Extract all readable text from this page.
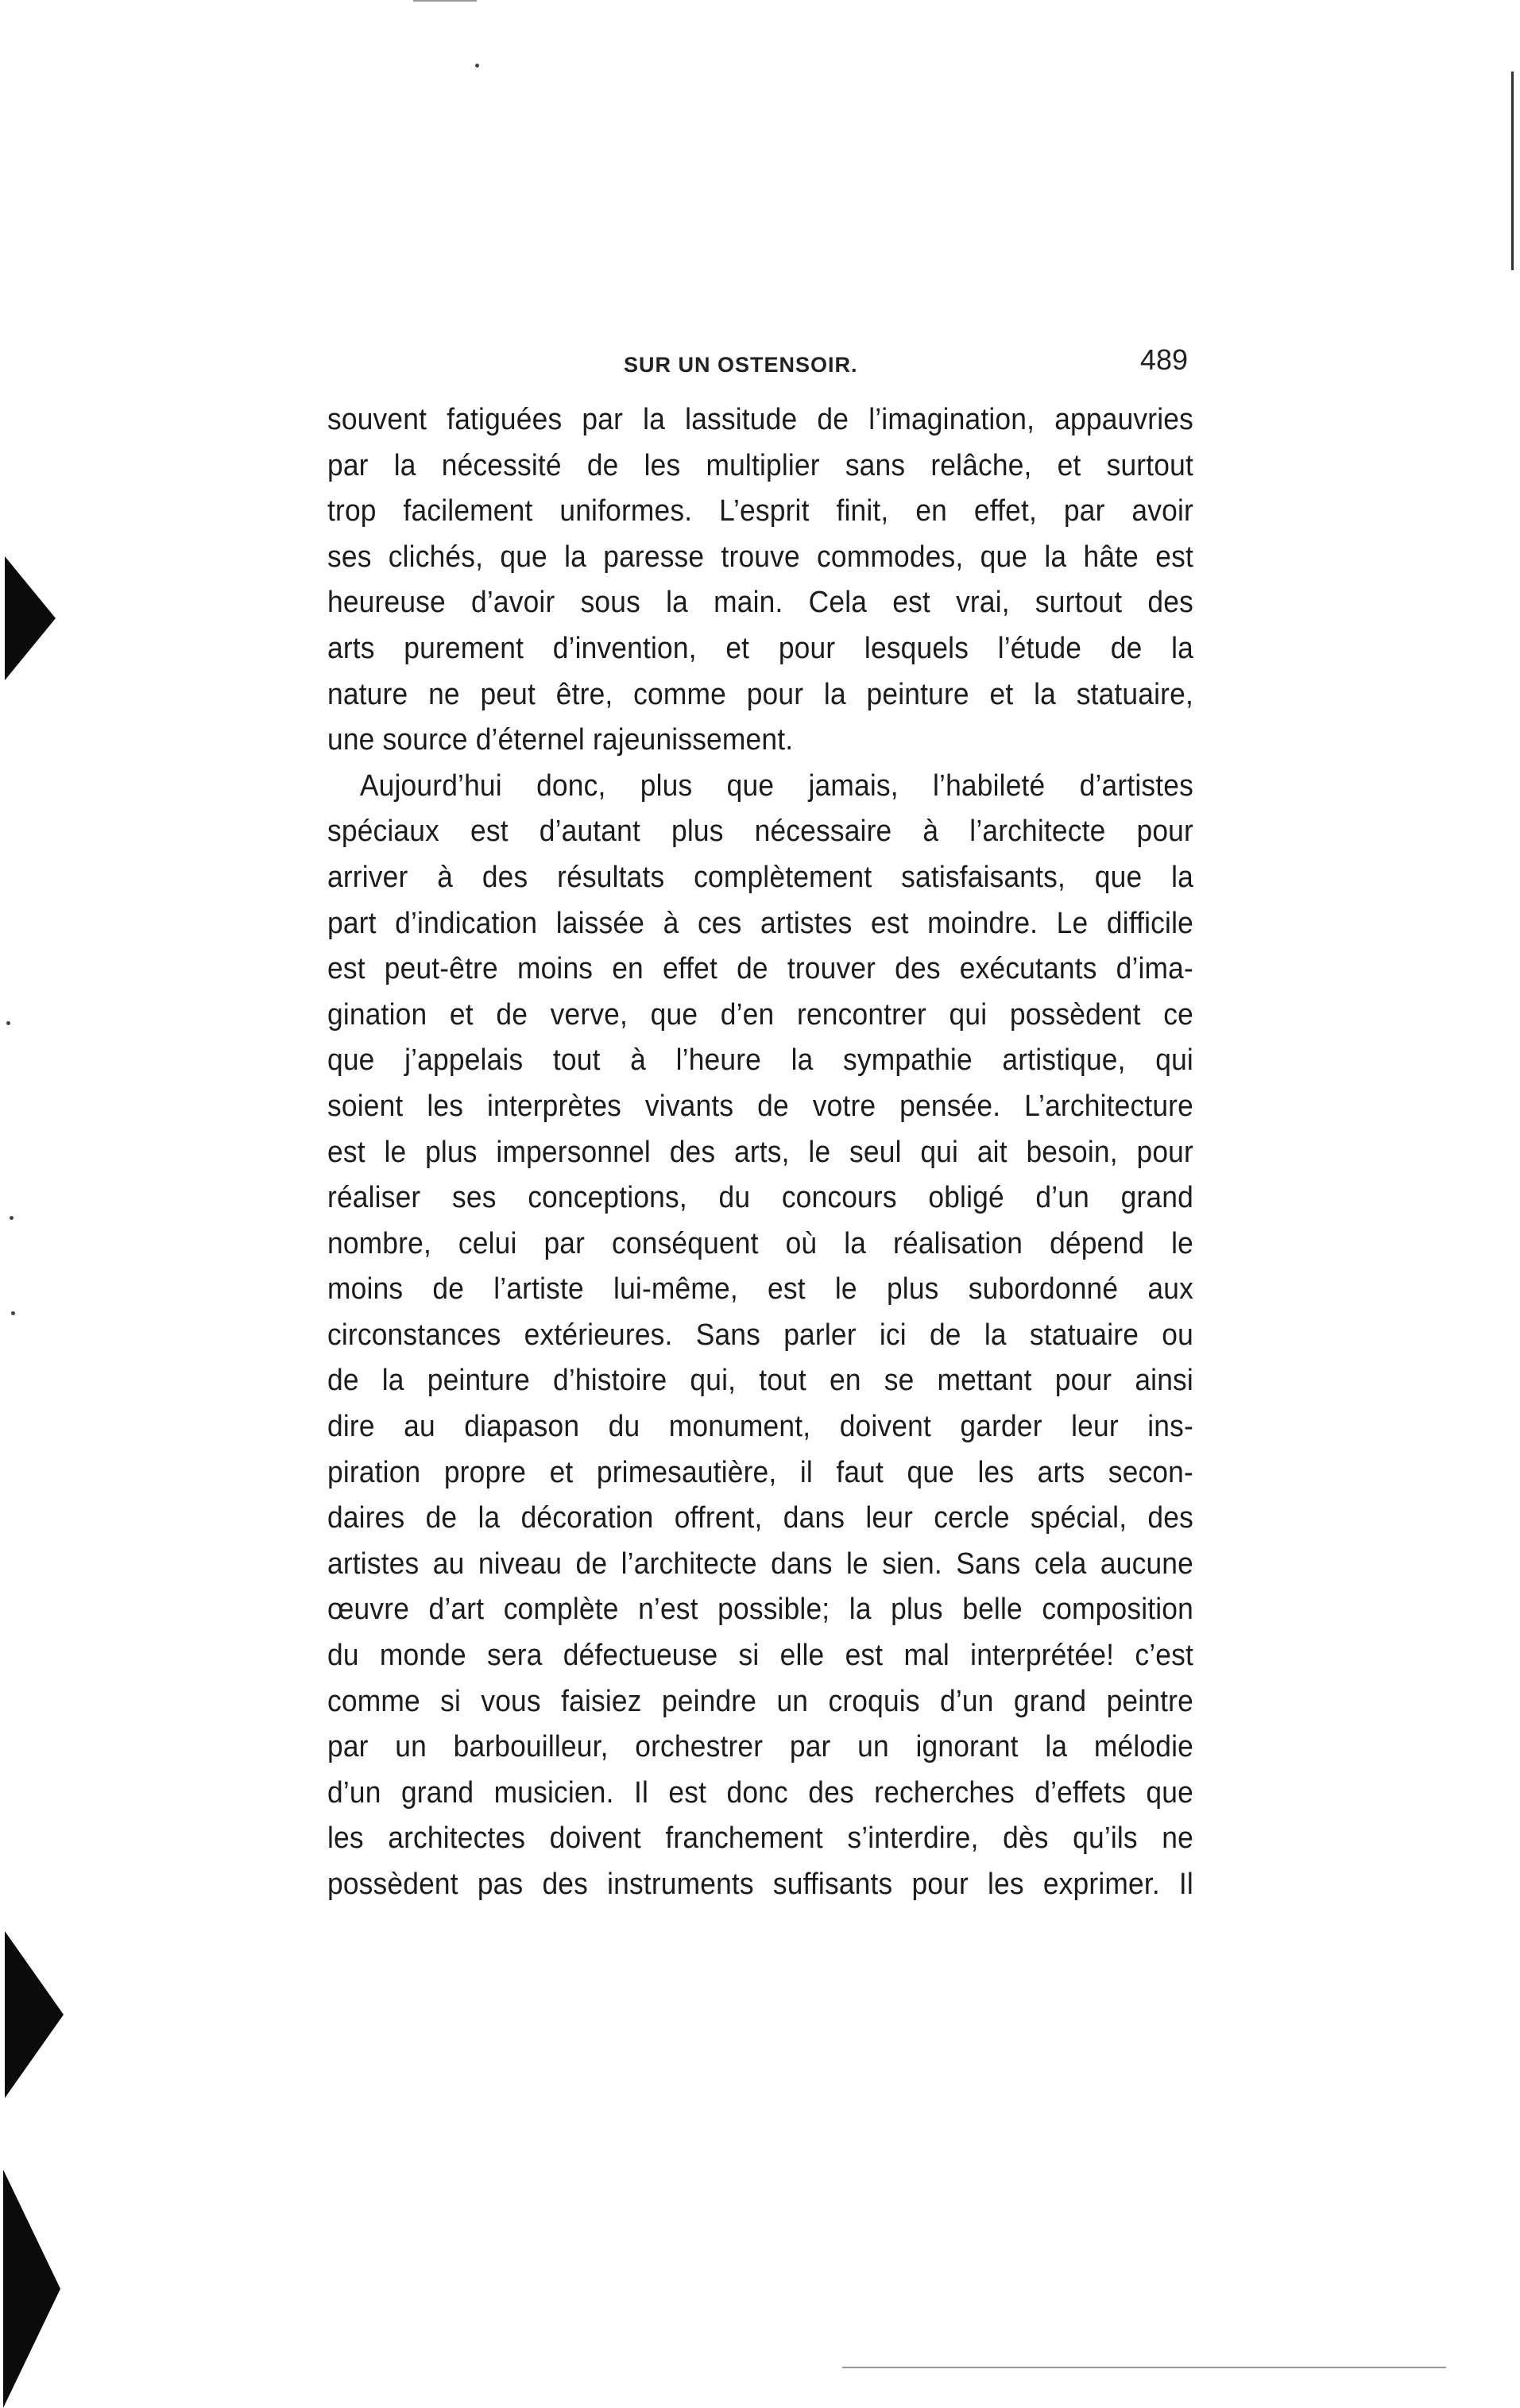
SUR UN OSTENSOIR.	489
souvent fatiguées par la lassitude de l’imagination, appauvries
par la nécessité de les multiplier sans relâche, et surtout
trop facilement uniformes. L’esprit finit, en effet, par avoir
ses clichés, que la paresse trouve commodes, que la hâte est
heureuse d’avoir sous la main. Cela est vrai, surtout des
arts purement d’invention, et pour lesquels l’étude de la
nature ne peut être, comme pour la peinture et la statuaire,
une source d’éternel rajeunissement.
Aujourd’hui donc, plus que jamais, l’habileté d’artistes
spéciaux est d’autant plus nécessaire à l’architecte pour
arriver à des résultats complètement satisfaisants, que la
part d’indication laissée à ces artistes est moindre. Le difficile
est peut-être moins en effet de trouver des exécutants d’ima-
gination et de verve, que d’en rencontrer qui possèdent ce
que j’appelais tout à l’heure la sympathie artistique, qui
soient les interprètes vivants de votre pensée. L’architecture
est le plus impersonnel des arts, le seul qui ait besoin, pour
réaliser ses conceptions, du concours obligé d’un grand
nombre, celui par conséquent où la réalisation dépend le
moins de l’artiste lui-même, est le plus subordonné aux
circonstances extérieures. Sans parler ici de la statuaire ou
de la peinture d’histoire qui, tout en se mettant pour ainsi
dire au diapason du monument, doivent garder leur ins-
piration propre et primesautière, il faut que les arts secon-
daires de la décoration offrent, dans leur cercle spécial, des
artistes au niveau de l’architecte dans le sien. Sans cela aucune
œuvre d’art complète n’est possible; la plus belle composition
du monde sera défectueuse si elle est mal interprétée! c’est
comme si vous faisiez peindre un croquis d’un grand peintre
par un barbouilleur, orchestrer par un ignorant la mélodie
d’un grand musicien. Il est donc des recherches d’effets que
les architectes doivent franchement s’interdire, dès qu’ils ne
possèdent pas des instruments suffisants pour les exprimer. Il
